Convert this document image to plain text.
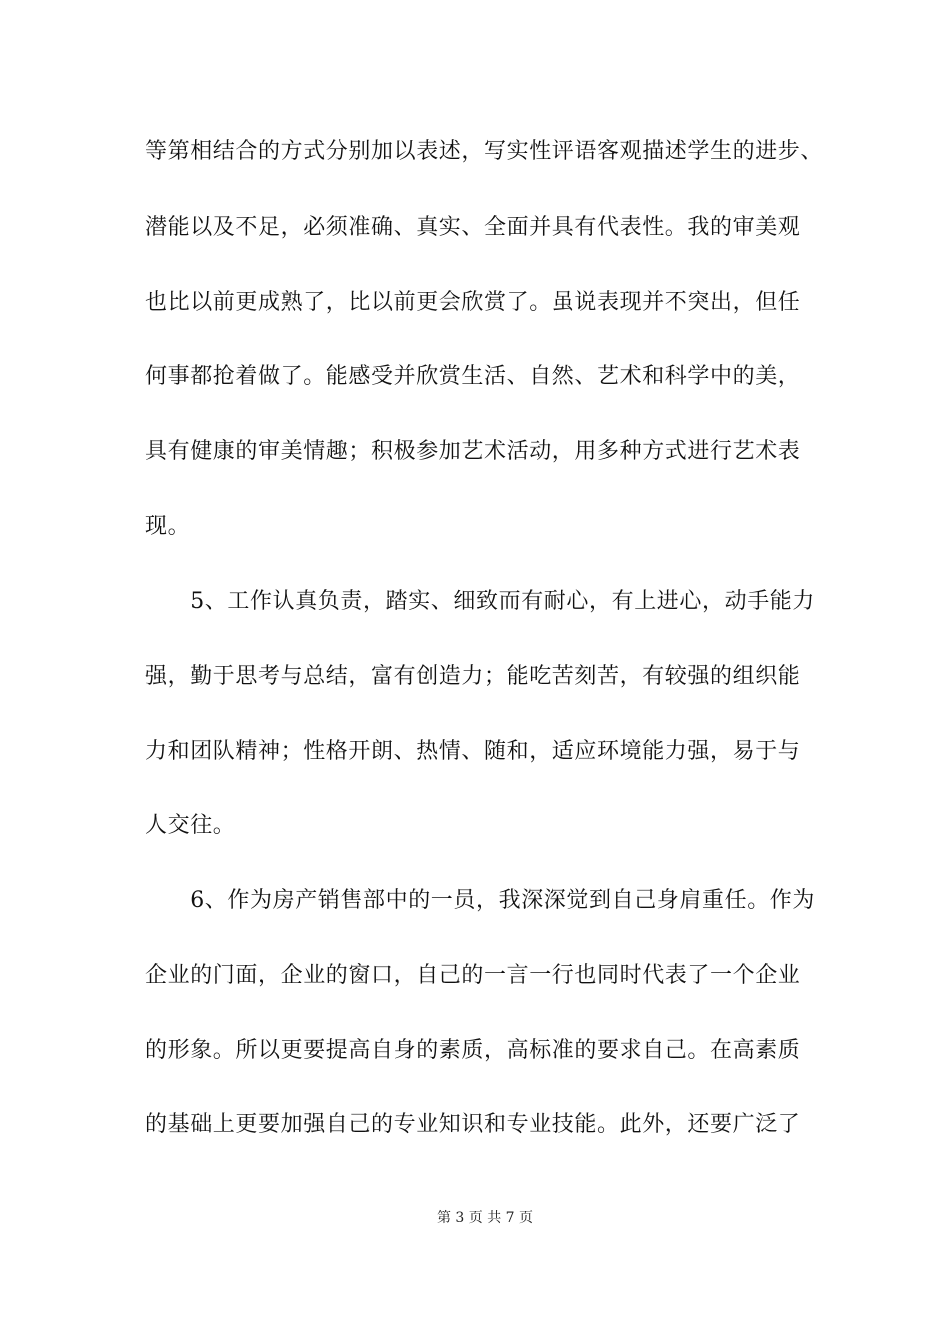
等第相结合的方式分别加以表述，写实性评语客观描述学生的进步、
潜能以及不足，必须准确、真实、全面并具有代表性。我的审美观
也比以前更成熟了，比以前更会欣赏了。虽说表现并不突出，但任
何事都抢着做了。能感受并欣赏生活、自然、艺术和科学中的美，
具有健康的审美情趣；积极参加艺术活动，用多种方式进行艺术表
现。
　　5、工作认真负责，踏实、细致而有耐心，有上进心，动手能力
强，勤于思考与总结，富有创造力；能吃苦刻苦，有较强的组织能
力和团队精神；性格开朗、热情、随和，适应环境能力强，易于与
人交往。
　　6、作为房产销售部中的一员，我深深觉到自己身肩重任。作为
企业的门面，企业的窗口，自己的一言一行也同时代表了一个企业
的形象。所以更要提高自身的素质，高标准的要求自己。在高素质
的基础上更要加强自己的专业知识和专业技能。此外，还要广泛了
第 3 页 共 7 页
